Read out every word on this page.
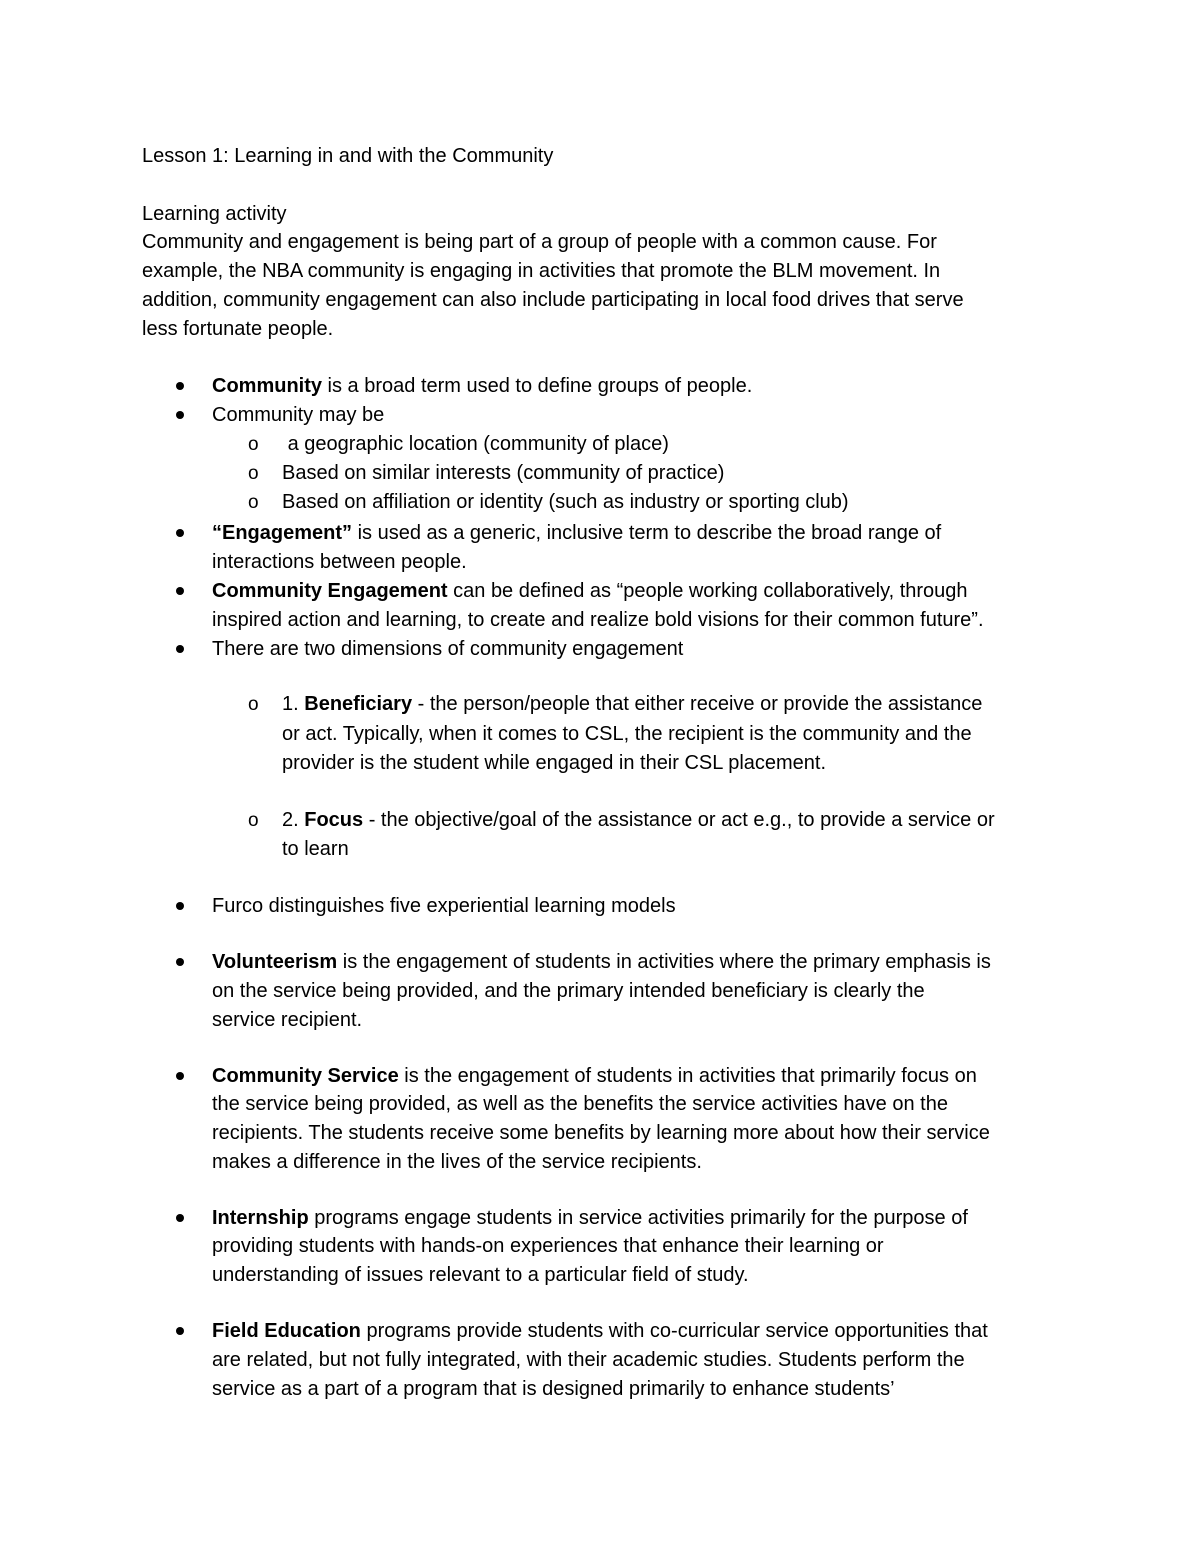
Lesson 1: Learning in and with the Community
Learning activity
Community and engagement is being part of a group of people with a common cause. For
example, the NBA community is engaging in activities that promote the BLM movement. In
addition, community engagement can also include participating in local food drives that serve
less fortunate people.
Community is a broad term used to define groups of people.
Community may be
o a geographic location (community of place)
o Based on similar interests (community of practice)
o Based on affiliation or identity (such as industry or sporting club)
“Engagement” is used as a generic, inclusive term to describe the broad range of
interactions between people.
Community Engagement can be defined as “people working collaboratively, through
inspired action and learning, to create and realize bold visions for their common future”.
There are two dimensions of community engagement
o 1. Beneficiary - the person/people that either receive or provide the assistance
or act. Typically, when it comes to CSL, the recipient is the community and the
provider is the student while engaged in their CSL placement.
o 2. Focus - the objective/goal of the assistance or act e.g., to provide a service or
to learn
Furco distinguishes five experiential learning models
Volunteerism is the engagement of students in activities where the primary emphasis is
on the service being provided, and the primary intended beneficiary is clearly the
service recipient.
Community Service is the engagement of students in activities that primarily focus on
the service being provided, as well as the benefits the service activities have on the
recipients. The students receive some benefits by learning more about how their service
makes a difference in the lives of the service recipients.
Internship programs engage students in service activities primarily for the purpose of
providing students with hands-on experiences that enhance their learning or
understanding of issues relevant to a particular field of study.
Field Education programs provide students with co-curricular service opportunities that
are related, but not fully integrated, with their academic studies. Students perform the
service as a part of a program that is designed primarily to enhance students’
